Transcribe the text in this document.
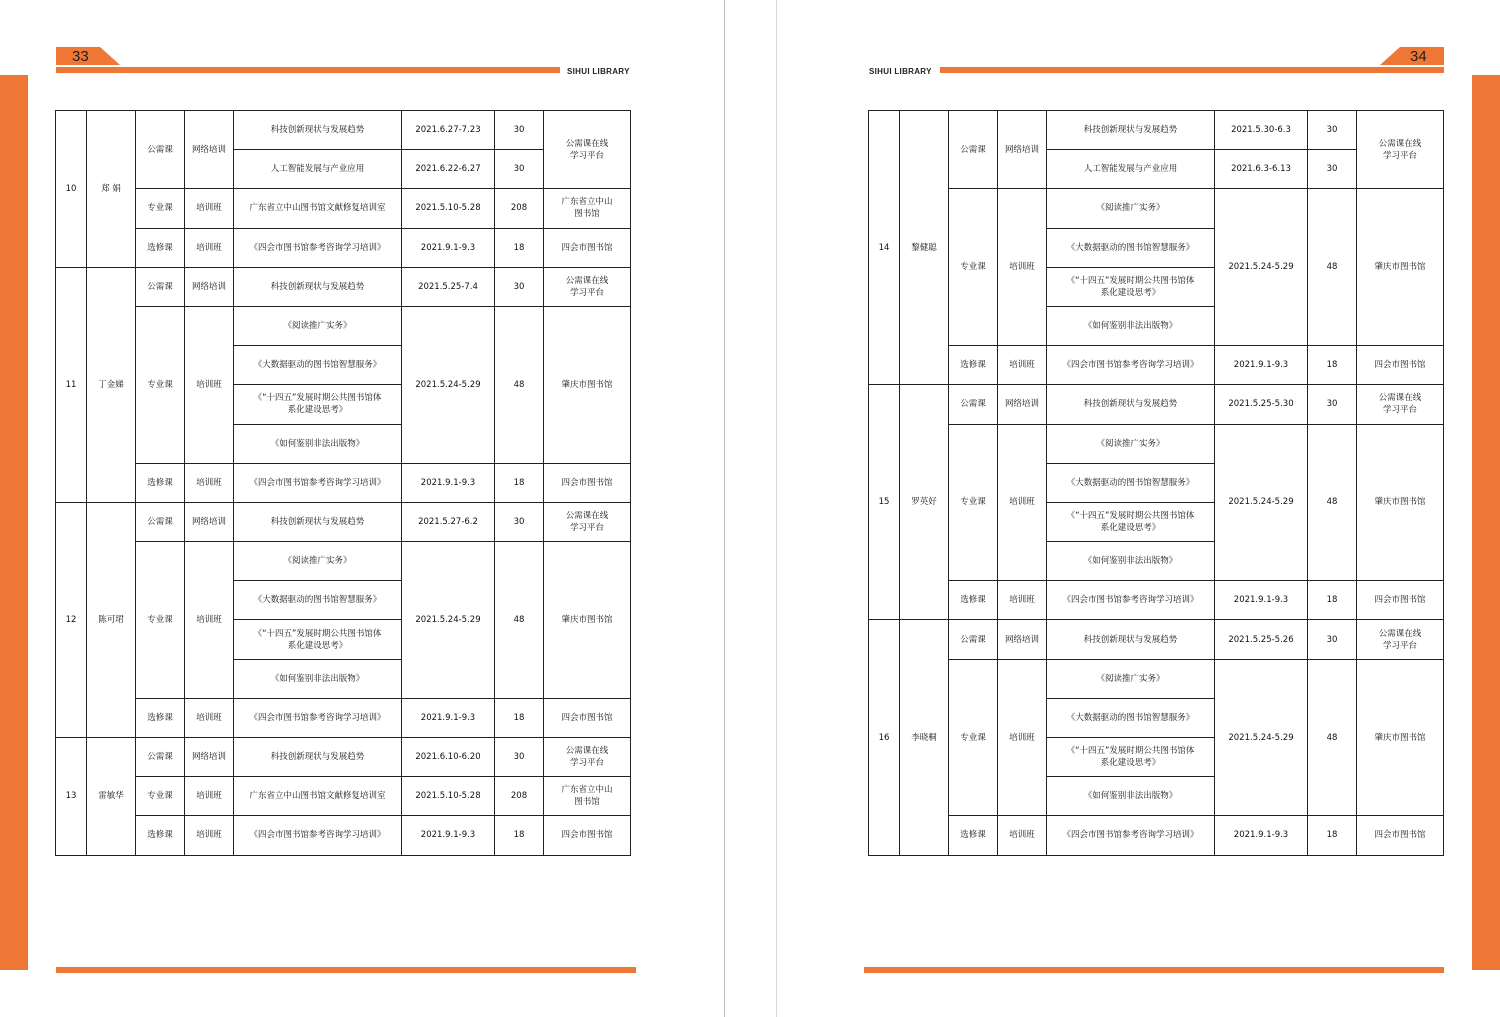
33
SIHUI LIBRARY
34
SIHUI LIBRARY
10	郑 娟	公需课	网络培训	科技创新现状与发展趋势	2021.6.27-7.23	30	公需课在线
学习平台
				人工智能发展与产业应用	2021.6.22-6.27	30	
		专业课	培训班	广东省立中山图书馆文献修复培训室	2021.5.10-5.28	208	广东省立中山
图书馆
		选修课	培训班	《四会市图书馆参考咨询学习培训》	2021.9.1-9.3	18	四会市图书馆
11	丁金娣	公需课	网络培训	科技创新现状与发展趋势	2021.5.25-7.4	30	公需课在线
学习平台
		专业课	培训班	《阅读推广实务》	2021.5.24-5.29	48	肇庆市图书馆
				《大数据驱动的图书馆智慧服务》			
				《“十四五”发展时期公共图书馆体
系化建设思考》			
				《如何鉴别非法出版物》			
		选修课	培训班	《四会市图书馆参考咨询学习培训》	2021.9.1-9.3	18	四会市图书馆
12	陈可珺	公需课	网络培训	科技创新现状与发展趋势	2021.5.27-6.2	30	公需课在线
学习平台
		专业课	培训班	《阅读推广实务》	2021.5.24-5.29	48	肇庆市图书馆
				《大数据驱动的图书馆智慧服务》			
				《“十四五”发展时期公共图书馆体
系化建设思考》			
				《如何鉴别非法出版物》			
		选修课	培训班	《四会市图书馆参考咨询学习培训》	2021.9.1-9.3	18	四会市图书馆
13	雷敏华	公需课	网络培训	科技创新现状与发展趋势	2021.6.10-6.20	30	公需课在线
学习平台
		专业课	培训班	广东省立中山图书馆文献修复培训室	2021.5.10-5.28	208	广东省立中山
图书馆
		选修课	培训班	《四会市图书馆参考咨询学习培训》	2021.9.1-9.3	18	四会市图书馆
14	黎健聪	公需课	网络培训	科技创新现状与发展趋势	2021.5.30-6.3	30	公需课在线
学习平台
				人工智能发展与产业应用	2021.6.3-6.13	30	
		专业课	培训班	《阅读推广实务》	2021.5.24-5.29	48	肇庆市图书馆
				《大数据驱动的图书馆智慧服务》			
				《“十四五”发展时期公共图书馆体
系化建设思考》			
				《如何鉴别非法出版物》			
		选修课	培训班	《四会市图书馆参考咨询学习培训》	2021.9.1-9.3	18	四会市图书馆
15	罗英好	公需课	网络培训	科技创新现状与发展趋势	2021.5.25-5.30	30	公需课在线
学习平台
		专业课	培训班	《阅读推广实务》	2021.5.24-5.29	48	肇庆市图书馆
				《大数据驱动的图书馆智慧服务》			
				《“十四五”发展时期公共图书馆体
系化建设思考》			
				《如何鉴别非法出版物》			
		选修课	培训班	《四会市图书馆参考咨询学习培训》	2021.9.1-9.3	18	四会市图书馆
16	李晓桐	公需课	网络培训	科技创新现状与发展趋势	2021.5.25-5.26	30	公需课在线
学习平台
		专业课	培训班	《阅读推广实务》	2021.5.24-5.29	48	肇庆市图书馆
				《大数据驱动的图书馆智慧服务》			
				《“十四五”发展时期公共图书馆体
系化建设思考》			
				《如何鉴别非法出版物》			
		选修课	培训班	《四会市图书馆参考咨询学习培训》	2021.9.1-9.3	18	四会市图书馆
